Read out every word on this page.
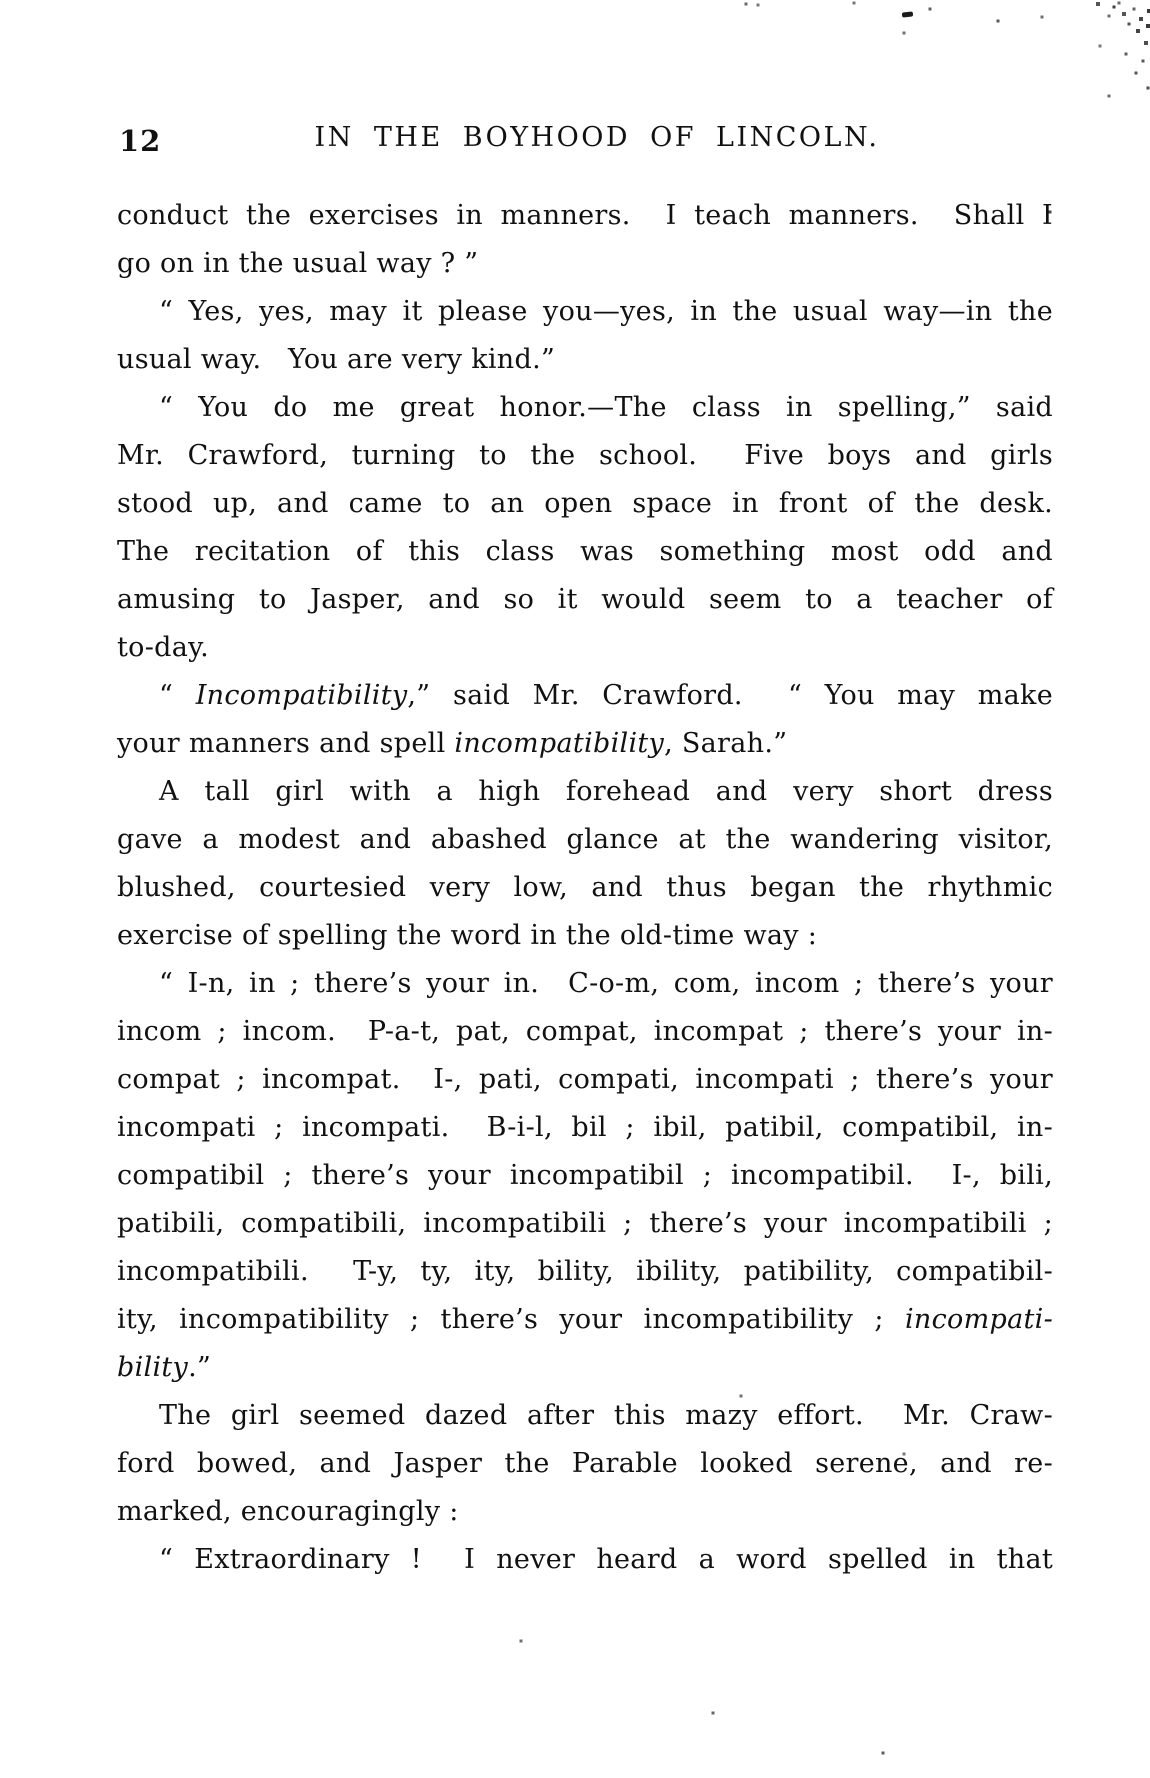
12	IN THE BOYHOOD OF LINCOLN.
conduct the exercises in manners.  I teach manners.  Shall I
go on in the usual way ? ”
“ Yes, yes, may it please you—yes, in the usual way—in the
usual way.   You are very kind.”
“ You do me great honor.—The class in spelling,” said
Mr. Crawford, turning to the school.  Five boys and girls
stood up, and came to an open space in front of the desk.
The recitation of this class was something most odd and
amusing to Jasper, and so it would seem to a teacher of
to-day.
“ Incompatibility,” said Mr. Crawford.  “ You may make
your manners and spell incompatibility, Sarah.”
A tall girl with a high forehead and very short dress
gave a modest and abashed glance at the wandering visitor,
blushed, courtesied very low, and thus began the rhythmic
exercise of spelling the word in the old-time way :
“ I-n, in ; there’s your in.  C-o-m, com, incom ; there’s your
incom ; incom.  P-a-t, pat, compat, incompat ; there’s your in-
compat ; incompat.  I-, pati, compati, incompati ; there’s your
incompati ; incompati.  B-i-l, bil ; ibil, patibil, compatibil, in-
compatibil ; there’s your incompatibil ; incompatibil.  I-, bili,
patibili, compatibili, incompatibili ; there’s your incompatibili ;
incompatibili.  T-y, ty, ity, bility, ibility, patibility, compatibil-
ity, incompatibility ; there’s your incompatibility ; incompati-
bility.”
The girl seemed dazed after this mazy effort.  Mr. Craw-
ford bowed, and Jasper the Parable looked serene, and re-
marked, encouragingly :
“ Extraordinary !  I never heard a word spelled in that
